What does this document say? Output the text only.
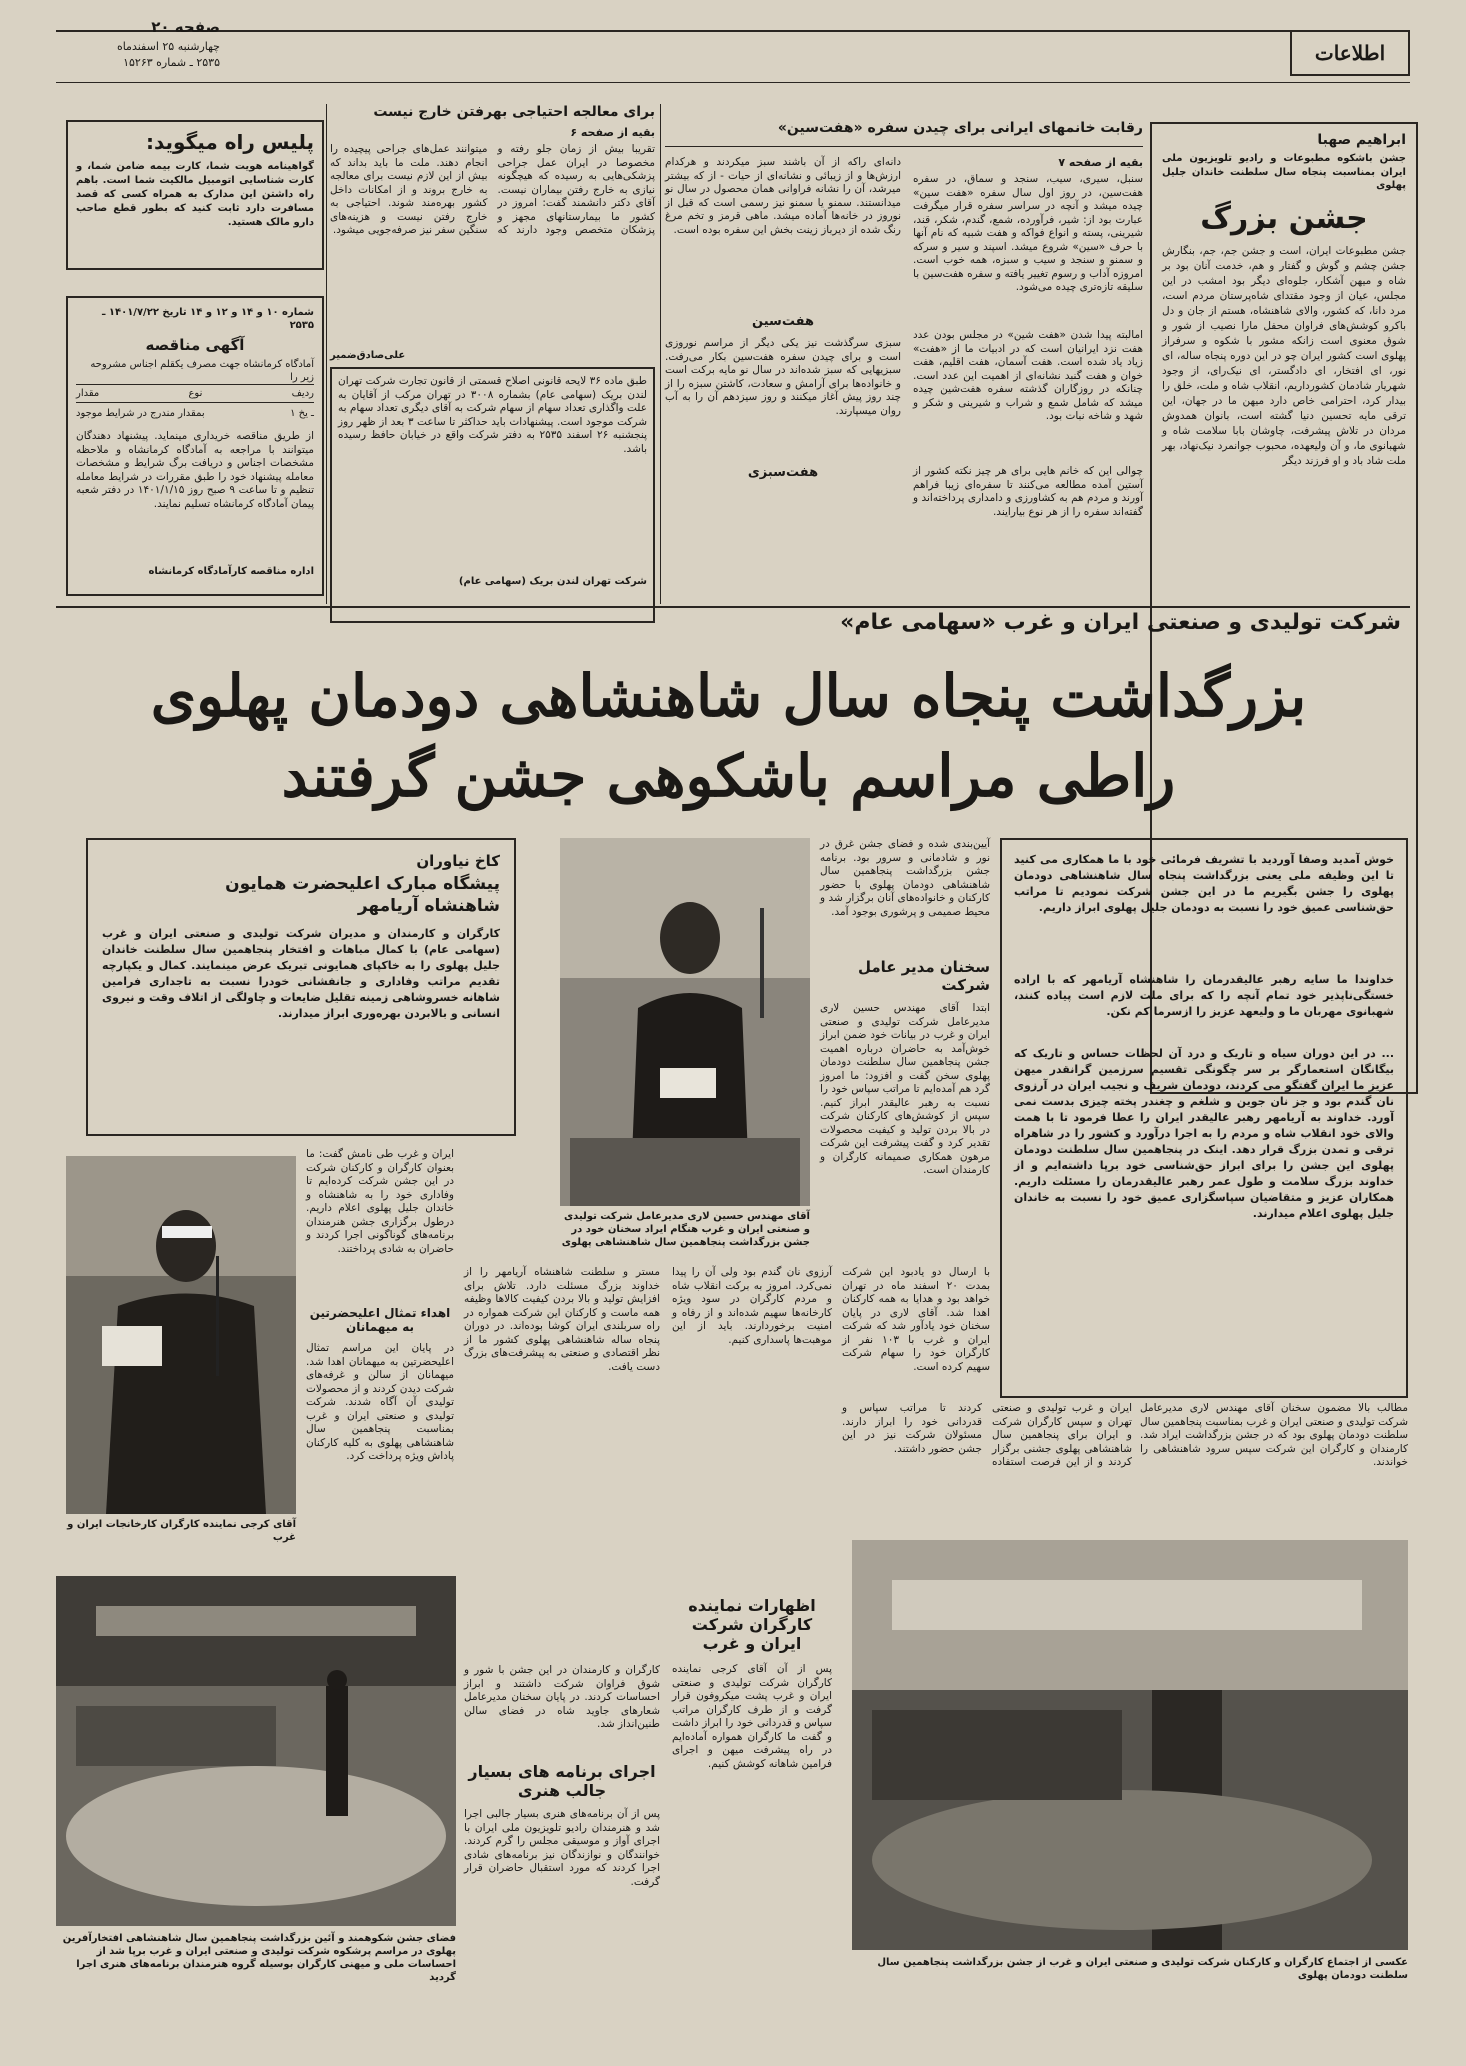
صفحه ۲۰
چهارشنبه ۲۵ اسفندماه
۲۵۳۵ ـ شماره ۱۵۲۶۳	اطلاعات
ابراهیم صهبا
جشن باشکوه مطبوعات و رادیو تلویزیون ملی ایران بمناسبت پنجاه سال سلطنت خاندان جلیل پهلوی
جشن بزرگ
جشن مطبوعات ایران، است و جشن جم، جم، بنگارش جشن چشم و گوش و گفتار و هم، خدمت آنان بود بر شاه و میهن آشکار، جلوه‌ای دیگر بود امشب در این مجلس، عیان از وجود مقتدای شاه‌پرستان مردم است، مرد دانا، که کشور، والای شاهنشاه، هستم از جان و دل باکرو کوشش‌های فراوان محفل مارا نصیب از شور و شوق معنوی است زانکه مشور با شکوه و سرفراز پهلوی است کشور ایران چو در این دوره پنجاه ساله، ای نور، ای افتخار، ای دادگستر، ای نیک‌رای، از وجود شهریار شادمان کشورداریم، انقلاب شاه و ملت، خلق را بیدار کرد، احترامی خاص دارد میهن ما در جهان، این ترقی مایه تحسین دنیا گشته است، بانوان همدوش مردان در تلاش پیشرفت، چاوشان بابا سلامت شاه و شهبانوی ما، و آن ولیعهده، محبوب جوانمرد نیک‌نهاد، بهر ملت شاد باد و او فرزند دیگر
رقابت خانمهای ایرانی برای چیدن سفره «هفت‌سین»
بقیه از صفحه ۷
سنبل، سیری، سیب، سنجد و سماق، در سفره هفت‌سین، در روز اول سال سفره «هفت سین» چیده میشد و آنچه در سراسر سفره قرار میگرفت عبارت بود از: شیر، فرآورده، شمع، گندم، شکر، قند، شیرینی، پسته و انواع فواکه و هفت شبیه که نام آنها با حرف «سین» شروع میشد. اسپند و سیر و سرکه و سمنو و سنجد و سیب و سبزه، همه خوب است. امروزه آداب و رسوم تغییر یافته و سفره هفت‌سین با سلیقه تازه‌تری چیده می‌شود.
امالبته پیدا شدن «هفت شین» در مجلس بودن عدد هفت نزد ایرانیان است که در ادبیات ما از «هفت‌» زیاد یاد شده است. هفت آسمان، هفت اقلیم، هفت خوان و هفت گنبد نشانه‌ای از اهمیت این عدد است. چنانکه در روزگاران گذشته سفره هفت‌شین چیده میشد که شامل شمع و شراب و شیرینی و شکر و شهد و شاخه نبات بود.
چوالی این که خانم هایی برای هر چیز نکته کشور از آستین آمده مطالعه می‌کنند تا سفره‌ای زیبا فراهم آورند و مردم هم به کشاورزی و دامداری پرداخته‌اند و گفته‌اند سفره را از هر نوع بیارایند.
دانه‌ای راکه از آن باشند سبز میکردند و هرکدام ارزش‌ها و از زیبائی و نشانه‌ای از حیات - از که بیشتر میرشد، آن را نشانه فراوانی همان محصول در سال نو میدانستند. سمنو یا سمنو نیز رسمی است که قبل از نوروز در خانه‌ها آماده میشد. ماهی قرمز و تخم مرغ رنگ شده از دیرباز زینت بخش این سفره بوده است.
هفت‌سین
سبزی سرگذشت نیز یکی دیگر از مراسم نوروزی است و برای چیدن سفره هفت‌سین بکار می‌رفت. سبزیهایی که سبز شده‌اند در سال نو مایه برکت است و خانواده‌ها برای آرامش و سعادت، کاشتن سبزه را از چند روز پیش آغاز میکنند و روز سیزدهم آن را به آب روان میسپارند.
هفت‌سبزی
برای معالجه احتیاجی بهرفتن خارج نیست
بقیه از صفحه ۶
تقریبا بیش از زمان جلو رفته و مخصوصا در ایران عمل جراحی پزشکی‌هایی به رسیده که هیچگونه نیازی به خارج رفتن بیماران نیست. آقای دکتر دانشمند گفت: امروز در کشور ما بیمارستانهای مجهز و پزشکان متخصص وجود دارند که میتوانند عمل‌های جراحی پیچیده را انجام دهند. ملت ما باید بداند که بیش از این لازم نیست برای معالجه به خارج بروند و از امکانات داخل کشور بهره‌مند شوند. احتیاجی به خارج رفتن نیست و هزینه‌های سنگین سفر نیز صرفه‌جویی میشود.
علی‌صادق‌ضمیر
طبق ماده ۳۶ لایحه قانونی اصلاح قسمتی از قانون تجارت شرکت تهران لندن بریک (سهامی عام) بشماره ۳۰۰۸ در تهران مرکب از آقایان به علت واگذاری تعداد سهام از سهام شرکت به آقای دیگری تعداد سهام به شرکت موجود است. پیشنهادات باید حداکثر تا ساعت ۳ بعد از ظهر روز پنجشنبه ۲۶ اسفند ۲۵۳۵ به دفتر شرکت واقع در خیابان حافظ رسیده باشد.
شرکت تهران لندن بریک (سهامی عام)
پلیس راه میگوید:
گواهینامه هویت شما، کارت بیمه ضامن شما، و کارت شناسایی اتومبیل مالکیت شما است. باهم راه داشتن این مدارک به همراه کسی که قصد مسافرت دارد ثابت کنید که بطور قطع صاحب دارو مالک هستید.
شماره ۱۰ و ۱۴ و ۱۲ و ۱۴ تاریخ ۱۴۰۱/۷/۲۲ ـ ۲۵۳۵
آگهی مناقصه
آمادگاه کرمانشاه جهت مصرف یکقلم اجناس مشروحه زیر را
ردیف
نوع
مقدار
۱ ـ یخ
بمقدار مندرج در شرایط موجود
از طریق مناقصه خریداری مینماید. پیشنهاد دهندگان میتوانند با مراجعه به آمادگاه کرمانشاه و ملاحظه مشخصات اجناس و دریافت برگ شرایط و مشخصات معامله پیشنهاد خود را طبق مقررات در شرایط معامله تنظیم و تا ساعت ۹ صبح روز ۱۴۰۱/۱/۱۵ در دفتر شعبه پیمان آمادگاه کرمانشاه تسلیم نمایند.
اداره مناقصه کارآمادگاه کرمانشاه
شرکت تولیدی و صنعتی ایران و غرب «سهامی عام»
بزرگداشت پنجاه سال شاهنشاهی دودمان پهلوی
راطی مراسم باشکوهی جشن گرفتند
کاخ نیاوران
پیشگاه مبارک اعلیحضرت همایون
شاهنشاه آریامهر
کارگران و کارمندان و مدیران شرکت تولیدی و صنعتی ایران و غرب (سهامی عام) با کمال مباهات و افتخار پنجاهمین سال سلطنت خاندان جلیل پهلوی را به خاکپای همایونی تبریک عرض مینمایند. کمال و یکپارچه تقدیم مراتب وفاداری و جانفشانی خودرا نسبت به تاجداری فرامین شاهانه خسروشاهی زمینه تقلیل ضایعات و چاولگی از اتلاف وقت و نیروی انسانی و بالابردن بهره‌وری ابراز میدارند.
آقای مهندس حسین لاری مدیرعامل شرکت تولیدی و صنعتی ایران و غرب هنگام ایراد سخنان خود در جشن بزرگداشت پنجاهمین سال شاهنشاهی پهلوی
آیین‌بندی شده و فضای جشن غرق در نور و شادمانی و سرور بود. برنامه جشن بزرگداشت پنجاهمین سال شاهنشاهی دودمان پهلوی با حضور کارکنان و خانواده‌های آنان برگزار شد و محیط صمیمی و پرشوری بوجود آمد.
سخنان مدیر عامل شرکت
ابتدا آقای مهندس حسین لاری مدیرعامل شرکت تولیدی و صنعتی ایران و غرب در بیانات خود ضمن ابراز خوش‌آمد به حاضران درباره اهمیت جشن پنجاهمین سال سلطنت دودمان پهلوی سخن گفت و افزود: ما امروز گرد هم آمده‌ایم تا مراتب سپاس خود را نسبت به رهبر عالیقدر ابراز کنیم. سپس از کوشش‌های کارکنان شرکت در بالا بردن تولید و کیفیت محصولات تقدیر کرد و گفت پیشرفت این شرکت مرهون همکاری صمیمانه کارگران و کارمندان است.
خوش آمدید وصفا آوردید با تشریف فرمائی خود با ما همکاری می کنید تا این وظیفه ملی یعنی بزرگداشت پنجاه سال شاهنشاهی دودمان پهلوی را جشن بگیریم ما در این جشن شرکت نمودیم تا مراتب حق‌شناسی عمیق خود را نسبت به دودمان جلیل پهلوی ابراز داریم.
خداوندا ما سایه رهبر عالیقدرمان را شاهنشاه آریامهر که با اراده خستگی‌ناپذیر خود تمام آنچه را که برای ملت لازم است پیاده کنند، شهبانوی مهربان ما و ولیعهد عزیز را ازسرما کم نکن.
... در این دوران سیاه و تاریک و درد آن لحظات حساس و تاریک که بیگانگان استعمارگر بر سر چگونگی تقسیم سرزمین گرانقدر میهن عزیز ما ایران گفتگو می کردند، دودمان شریف و نجیب ایران در آرزوی نان گندم بود و جز نان جوین و شلغم و چغندر پخته چیزی بدست نمی آورد. خداوند به آریامهر رهبر عالیقدر ایران را عطا فرمود تا با همت والای خود انقلاب شاه و مردم را به اجرا درآورد و کشور را در شاهراه ترقی و تمدن بزرگ قرار دهد. اینک در پنجاهمین سال سلطنت دودمان پهلوی این جشن را برای ابراز حق‌شناسی خود برپا داشته‌ایم و از خداوند بزرگ سلامت و طول عمر رهبر عالیقدرمان را مسئلت داریم. همکاران عزیز و متقاضیان سپاسگزاری عمیق خود را نسبت به خاندان جلیل پهلوی اعلام میدارند.
آقای کرجی نماینده کارگران کارخانجات ایران و غرب
ایران و غرب طی نامش گفت: ما بعنوان کارگران و کارکنان شرکت در این جشن شرکت کرده‌ایم تا وفاداری خود را به شاهنشاه و خاندان جلیل پهلوی اعلام داریم. درطول برگزاری جشن هنرمندان برنامه‌های گوناگونی اجرا کردند و حاضران به شادی پرداختند.
اهداء تمثال اعلیحضرتین به میهمانان
در پایان این مراسم تمثال اعلیحضرتین به میهمانان اهدا شد. میهمانان از سالن و غرفه‌های شرکت دیدن کردند و از محصولات تولیدی آن آگاه شدند. شرکت تولیدی و صنعتی ایران و غرب بمناسبت پنجاهمین سال شاهنشاهی پهلوی به کلیه کارکنان پاداش ویژه پرداخت کرد.
مستر و سلطنت شاهنشاه آریامهر را از خداوند بزرگ مسئلت دارد. تلاش برای افزایش تولید و بالا بردن کیفیت کالاها وظیفه همه ماست و کارکنان این شرکت همواره در راه سربلندی ایران کوشا بوده‌اند. در دوران پنجاه ساله شاهنشاهی پهلوی کشور ما از نظر اقتصادی و صنعتی به پیشرفت‌های بزرگ دست یافت.
کارگران و کارمندان در این جشن با شور و شوق فراوان شرکت داشتند و ابراز احساسات کردند. در پایان سخنان مدیرعامل شعارهای جاوید شاه در فضای سالن طنین‌انداز شد.
اجرای برنامه های بسیار جالب هنری
پس از آن برنامه‌های هنری بسیار جالبی اجرا شد و هنرمندان رادیو تلویزیون ملی ایران با اجرای آواز و موسیقی مجلس را گرم کردند. خوانندگان و نوازندگان نیز برنامه‌های شادی اجرا کردند که مورد استقبال حاضران قرار گرفت.
آرزوی نان گندم بود ولی آن را پیدا نمی‌کرد. امروز به برکت انقلاب شاه و مردم کارگران در سود ویژه کارخانه‌ها سهیم شده‌اند و از رفاه و امنیت برخوردارند. باید از این موهبت‌ها پاسداری کنیم.
اظهارات نماینده کارگران شرکت ایران و غرب
پس از آن آقای کرجی نماینده کارگران شرکت تولیدی و صنعتی ایران و غرب پشت میکروفون قرار گرفت و از طرف کارگران مراتب سپاس و قدردانی خود را ابراز داشت و گفت ما کارگران همواره آماده‌ایم در راه پیشرفت میهن و اجرای فرامین شاهانه کوشش کنیم.
با ارسال دو یادبود این شرکت بمدت ۲۰ اسفند ماه در تهران خواهد بود و هدایا به همه کارکنان اهدا شد. آقای لاری در پایان سخنان خود یادآور شد که شرکت ایران و غرب با ۱۰۳ نفر از کارگران خود را سهام شرکت سهیم کرده است.
ایران و غرب تولیدی و صنعتی تهران و سپس کارگران شرکت و ایران برای پنجاهمین سال شاهنشاهی پهلوی جشنی برگزار کردند و از این فرصت استفاده کردند تا مراتب سپاس و قدردانی خود را ابراز دارند. مسئولان شرکت نیز در این جشن حضور داشتند.
مطالب بالا مضمون سخنان آقای مهندس لاری مدیرعامل شرکت تولیدی و صنعتی ایران و غرب بمناسبت پنجاهمین سال سلطنت دودمان پهلوی بود که در جشن بزرگداشت ایراد شد. کارمندان و کارگران این شرکت سپس سرود شاهنشاهی را خواندند.
فضای جشن شکوهمند و آئین بزرگداشت پنجاهمین سال شاهنشاهی افتخارآفرین پهلوی در مراسم پرشکوه شرکت تولیدی و صنعتی ایران و غرب برپا شد از احساسات ملی و میهنی کارگران بوسیله گروه هنرمندان برنامه‌های هنری اجرا گردید
عکسی از اجتماع کارگران و کارکنان شرکت تولیدی و صنعتی ایران و غرب از جشن بزرگداشت پنجاهمین سال سلطنت دودمان پهلوی
